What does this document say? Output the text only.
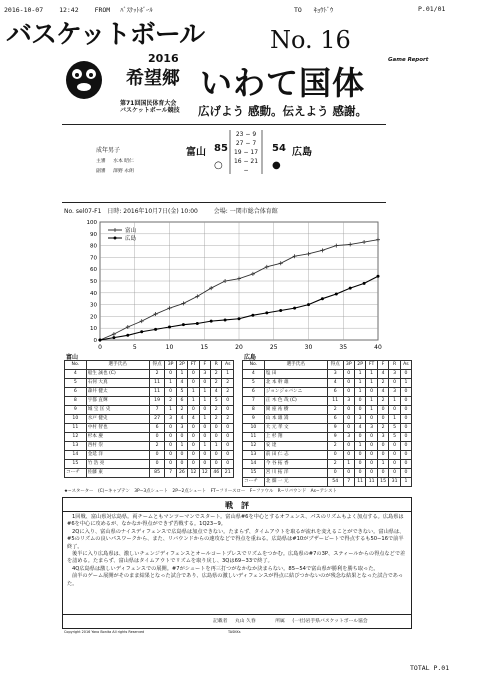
2016-10-07 12:42 FROM ﾊﾞｽｹｯﾄﾎﾞｰﾙ	TO ｷｮｳﾄﾞｳ	P.01/01
バスケットボール	No. 16
Game Report
2016
希望郷 いわて国体
第71回国民体育大会
バスケットボール競技 広げよう 感動。伝えよう 感謝。
成年男子
主審 水本 昭仁
副審 澤野 永朗
富山 85
○
23 − 9
27 − 7
19 − 17
16 − 21
−
54 広島
●
No. sel07-F1 日時: 2016年10月7日(金) 10:00	会場: 一関市総合体育館
0
10
20
30
40
50
60
70
80
90
100
0	5	10	15	20	25	30	35	40
富山
広島
富山
No.	選手氏名	得点	3P	2P	FT	F	R	As
4	船生 誠也 (C)	2	0	1	0	3	2	1
5	石何 大真	11	1	4	0	0	2	2
6	森井 健太	11	0	5	1	1	4	2
8	宇都 直輝	19	2	6	1	1	5	0
9	城 宝 匡 史	7	1	2	0	0	2	0
10	水戸 健史	27	3	4	4	1	2	2
11	中村 智也	6	0	3	0	0	0	0
12	杉本 慶	0	0	0	0	0	0	0
13	西村 崇	2	0	1	0	1	1	0
14	金延 洋	0	0	0	0	0	0	0
15	竹 浩 亮	0	0	0	0	0	0	0
コーチ	佐藤 東	85	7	26	12	12	46	21
広島
No.	選手氏名	得点	3P	2P	FT	F	R	As
4	塩 田 　	3	0	1	1	4	3	0
5	北 本 幹 雄	4	0	1	1	2	0	1
6	ジョンジョバンニ	6	0	1	0	4	3	0
7	正 木 色 哉 (C)	11	3	0	1	2	1	0
8	岡 座 祐 樹	2	0	0	1	0	0	0
9	山 本 雄 嵩	6	0	3	0	0	1	0
10	大 元 孝 文	9	0	4	3	2	5	0
11	上 杉 翔	9	3	0	0	3	5	0
12	安 達 　	2	0	1	0	0	0	0
13	前 田 仁 志	0	0	0	0	0	0	0
14	今 谷 拓 香	2	1	0	0	1	0	0
15	宮 川 拓 洋	0	0	0	0	0	0	0
コーチ	北 畑 一 元	54	7	11	11	15	31	1
★−スターター　(C)−キャプテン　3P−3点シュート　2P−2点シュート　FT−フリースロー　F−ファウル　R−リバウンド　As−アシスト
戦　評
1回戦、富山県対広島県。両チームともマンツーマンでスタート。富山県#6を中心とするオフェンス、パスのリズムもよく加点する。広島県は#6を中心に攻めるが、なかなか得点ができず苦戦する。1Q23−9。
2Qに入り、富山県のナイスディフェンスで広島県は加点できない。たまらず、タイムアウトを取るが流れを変えることができない。富山県は、#5のリズムの良いパスワークから、また、リバウンドからの速攻などで得点を重ねる。広島県は#10がブザービートで得点するも50−16で前半終了。
後半に入り広島県は、激しいチェンジディフェンスとオールコートプレスでリズムをつかむ。広島県の#7の3P、スティールからの得点などで差を詰める。たまらず、富山県はタイムアウトでリズムを取り戻し、3Qは69−33で終了。
4Q広島県は激しいディフェンスでの展開。#7がシュートを再三打つがなかなか決まらない。85−54で富山県が勝利を勝ち取った。
前半のゲーム展開がそのまま結果となった試合であり、広島県の激しいディフェンスが得点に結びつかないのが残念な結果となった試合であった。
記載者 丸山 久春	所属 (一社)岩手県バスケットボール協会
Copyright 2016 Yano Bonita All rights Reserved	TASKKs
TOTAL P.01
